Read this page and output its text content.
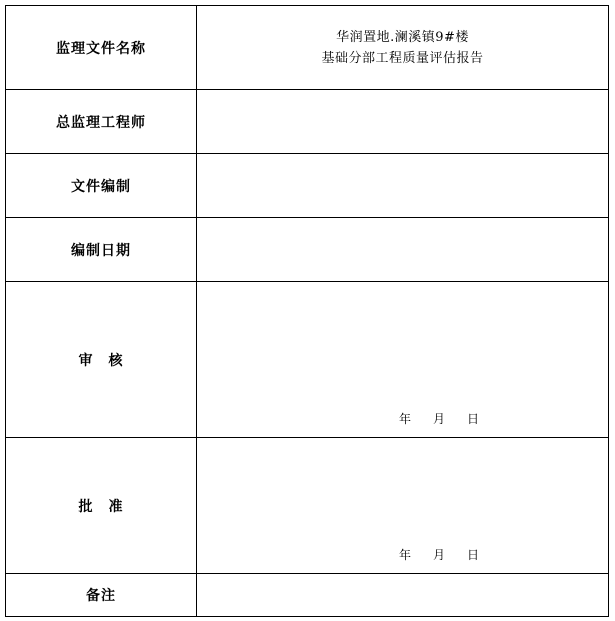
监理文件名称	华润置地.澜溪镇9#楼
基础分部工程质量评估报告

总监理工程师	
文件编制	
编制日期	
审　核	年 月 日

批　准	年 月 日

备注	
